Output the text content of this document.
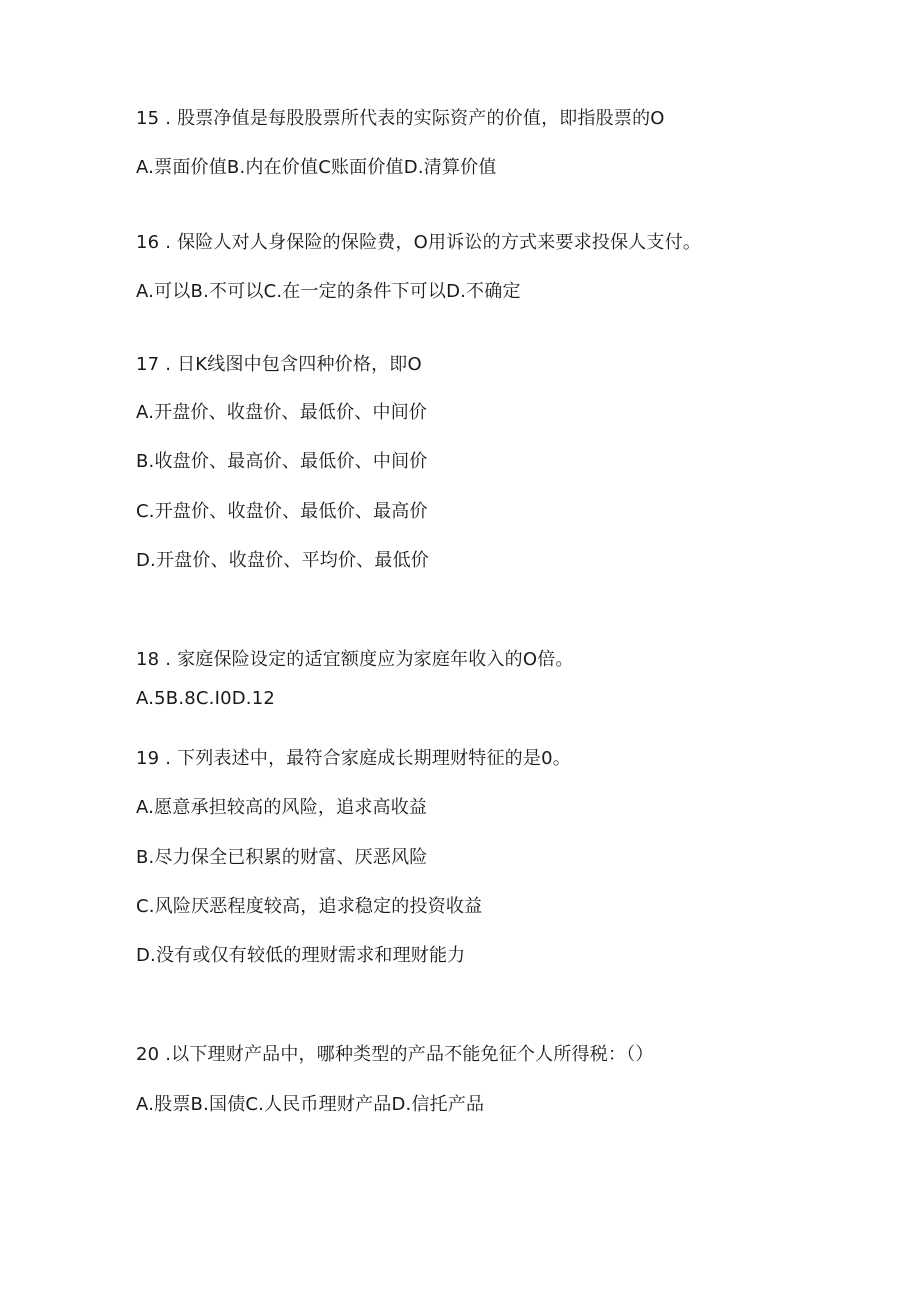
15 . 股票净值是每股股票所代表的实际资产的价值，即指股票的O
A.票面价值B.内在价值C账面价值D.清算价值
16 . 保险人对人身保险的保险费，O用诉讼的方式来要求投保人支付。
A.可以B.不可以C.在一定的条件下可以D.不确定
17 . 日K线图中包含四种价格，即O
A.开盘价、收盘价、最低价、中间价
B.收盘价、最高价、最低价、中间价
C.开盘价、收盘价、最低价、最高价
D.开盘价、收盘价、平均价、最低价
18 . 家庭保险设定的适宜额度应为家庭年收入的O倍。
A.5B.8C.I0D.12
19 . 下列表述中，最符合家庭成长期理财特征的是0。
A.愿意承担较高的风险，追求高收益
B.尽力保全已积累的财富、厌恶风险
C.风险厌恶程度较高，追求稳定的投资收益
D.没有或仅有较低的理财需求和理财能力
20 .以下理财产品中，哪种类型的产品不能免征个人所得税：（）
A.股票B.国债C.人民币理财产品D.信托产品
